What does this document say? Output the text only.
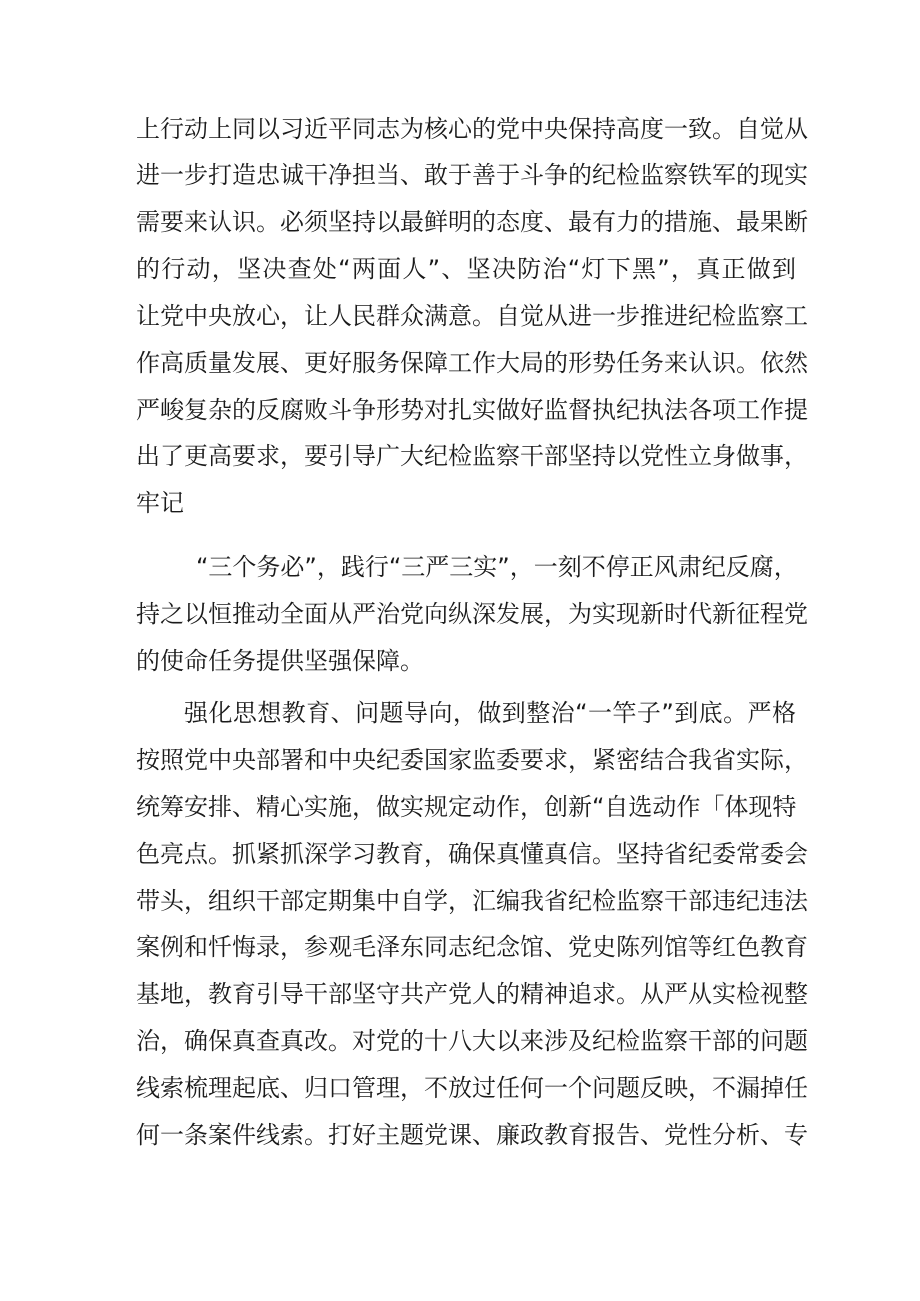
上行动上同以习近平同志为核心的党中央保持高度一致。自觉从

进一步打造忠诚干净担当、敢于善于斗争的纪检监察铁军的现实

需要来认识。必须坚持以最鲜明的态度、最有力的措施、最果断

的行动，坚决查处“两面人”、坚决防治“灯下黑”，真正做到

让党中央放心，让人民群众满意。自觉从进一步推进纪检监察工

作高质量发展、更好服务保障工作大局的形势任务来认识。依然

严峻复杂的反腐败斗争形势对扎实做好监督执纪执法各项工作提

出了更高要求，要引导广大纪检监察干部坚持以党性立身做事，

牢记

“三个务必”，践行“三严三实”，一刻不停正风肃纪反腐，

持之以恒推动全面从严治党向纵深发展，为实现新时代新征程党

的使命任务提供坚强保障。

强化思想教育、问题导向，做到整治“一竿子”到底。严格

按照党中央部署和中央纪委国家监委要求，紧密结合我省实际，

统筹安排、精心实施，做实规定动作，创新“自选动作「体现特

色亮点。抓紧抓深学习教育，确保真懂真信。坚持省纪委常委会

带头，组织干部定期集中自学，汇编我省纪检监察干部违纪违法

案例和忏悔录，参观毛泽东同志纪念馆、党史陈列馆等红色教育

基地，教育引导干部坚守共产党人的精神追求。从严从实检视整

治，确保真查真改。对党的十八大以来涉及纪检监察干部的问题

线索梳理起底、归口管理，不放过任何一个问题反映，不漏掉任

何一条案件线索。打好主题党课、廉政教育报告、党性分析、专
